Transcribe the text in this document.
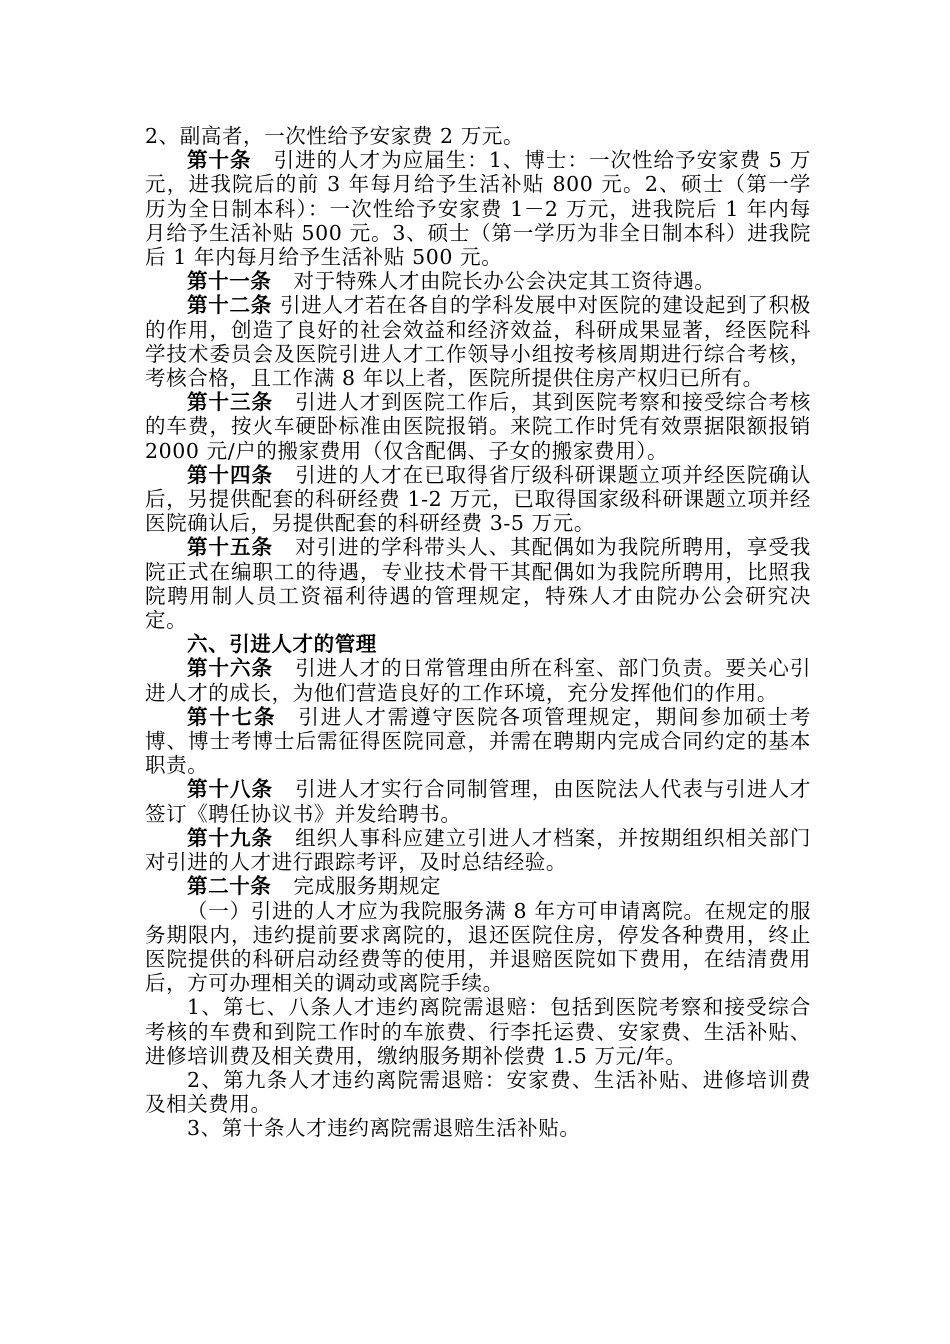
2、副高者，一次性给予安家费 2 万元。

第十条 引进的人才为应届生：1、博士：一次性给予安家费 5 万元，进我院后的前 3 年每月给予生活补贴 800 元。2、硕士（第一学历为全日制本科）：一次性给予安家费 1－2 万元，进我院后 1 年内每月给予生活补贴 500 元。3、硕士（第一学历为非全日制本科）进我院后 1 年内每月给予生活补贴 500 元。

第十一条 对于特殊人才由院长办公会决定其工资待遇。

第十二条 引进人才若在各自的学科发展中对医院的建设起到了积极的作用，创造了良好的社会效益和经济效益，科研成果显著，经医院科学技术委员会及医院引进人才工作领导小组按考核周期进行综合考核，考核合格，且工作满 8 年以上者，医院所提供住房产权归已所有。

第十三条 引进人才到医院工作后，其到医院考察和接受综合考核的车费，按火车硬卧标准由医院报销。来院工作时凭有效票据限额报销 2000 元/户的搬家费用（仅含配偶、子女的搬家费用）。

第十四条 引进的人才在已取得省厅级科研课题立项并经医院确认后，另提供配套的科研经费 1-2 万元，已取得国家级科研课题立项并经医院确认后，另提供配套的科研经费 3-5 万元。

第十五条 对引进的学科带头人、其配偶如为我院所聘用，享受我院正式在编职工的待遇，专业技术骨干其配偶如为我院所聘用，比照我院聘用制人员工资福利待遇的管理规定，特殊人才由院办公会研究决定。

六、引进人才的管理

第十六条 引进人才的日常管理由所在科室、部门负责。要关心引进人才的成长，为他们营造良好的工作环境，充分发挥他们的作用。

第十七条 引进人才需遵守医院各项管理规定，期间参加硕士考博、博士考博士后需征得医院同意，并需在聘期内完成合同约定的基本职责。

第十八条 引进人才实行合同制管理，由医院法人代表与引进人才签订《聘任协议书》并发给聘书。

第十九条 组织人事科应建立引进人才档案，并按期组织相关部门对引进的人才进行跟踪考评，及时总结经验。

第二十条 完成服务期规定

（一）引进的人才应为我院服务满 8 年方可申请离院。在规定的服务期限内，违约提前要求离院的，退还医院住房，停发各种费用，终止医院提供的科研启动经费等的使用，并退赔医院如下费用，在结清费用后，方可办理相关的调动或离院手续。

1、第七、八条人才违约离院需退赔：包括到医院考察和接受综合考核的车费和到院工作时的车旅费、行李托运费、安家费、生活补贴、进修培训费及相关费用，缴纳服务期补偿费 1.5 万元/年。

2、第九条人才违约离院需退赔：安家费、生活补贴、进修培训费及相关费用。

3、第十条人才违约离院需退赔生活补贴。
